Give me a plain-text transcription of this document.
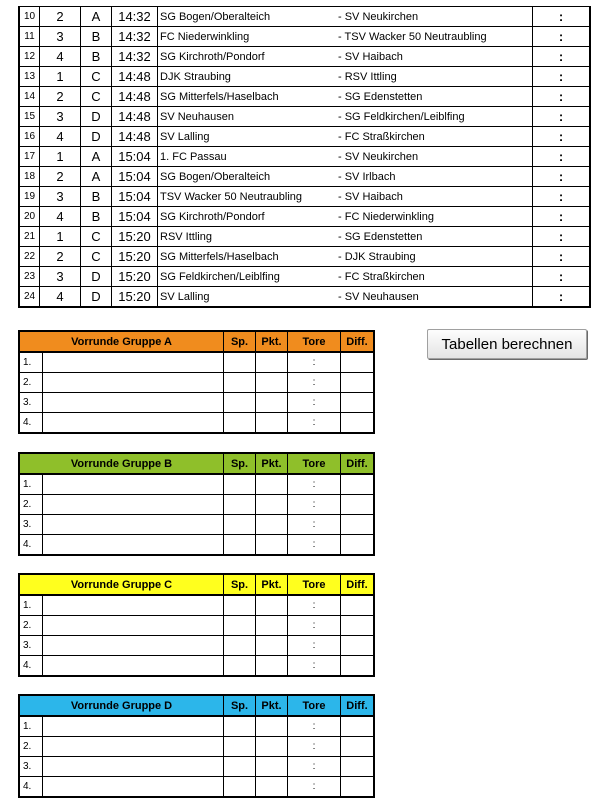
10	2	A	14:32	SG Bogen/Oberalteich	- SV Neukirchen	:
11	3	B	14:32	FC Niederwinkling	- TSV Wacker 50 Neutraubling	:
12	4	B	14:32	SG Kirchroth/Pondorf	- SV Haibach	:
13	1	C	14:48	DJK Straubing	- RSV Ittling	:
14	2	C	14:48	SG Mitterfels/Haselbach	- SG Edenstetten	:
15	3	D	14:48	SV Neuhausen	- SG Feldkirchen/Leiblfing	:
16	4	D	14:48	SV Lalling	- FC Straßkirchen	:
17	1	A	15:04	1. FC Passau	- SV Neukirchen	:
18	2	A	15:04	SG Bogen/Oberalteich	- SV Irlbach	:
19	3	B	15:04	TSV Wacker 50 Neutraubling	- SV Haibach	:
20	4	B	15:04	SG Kirchroth/Pondorf	- FC Niederwinkling	:
21	1	C	15:20	RSV Ittling	- SG Edenstetten	:
22	2	C	15:20	SG Mitterfels/Haselbach	- DJK Straubing	:
23	3	D	15:20	SG Feldkirchen/Leiblfing	- FC Straßkirchen	:
24	4	D	15:20	SV Lalling	- SV Neuhausen	:
Vorrunde Gruppe A		Sp.	Pkt.	Tore	Diff.
1.				:	
2.				:	
3.				:	
4.				:	
Vorrunde Gruppe B		Sp.	Pkt.	Tore	Diff.
1.				:	
2.				:	
3.				:	
4.				:	
Vorrunde Gruppe C		Sp.	Pkt.	Tore	Diff.
1.				:	
2.				:	
3.				:	
4.				:	
Vorrunde Gruppe D		Sp.	Pkt.	Tore	Diff.
1.				:	
2.				:	
3.				:	
4.				:	
Tabellen berechnen
